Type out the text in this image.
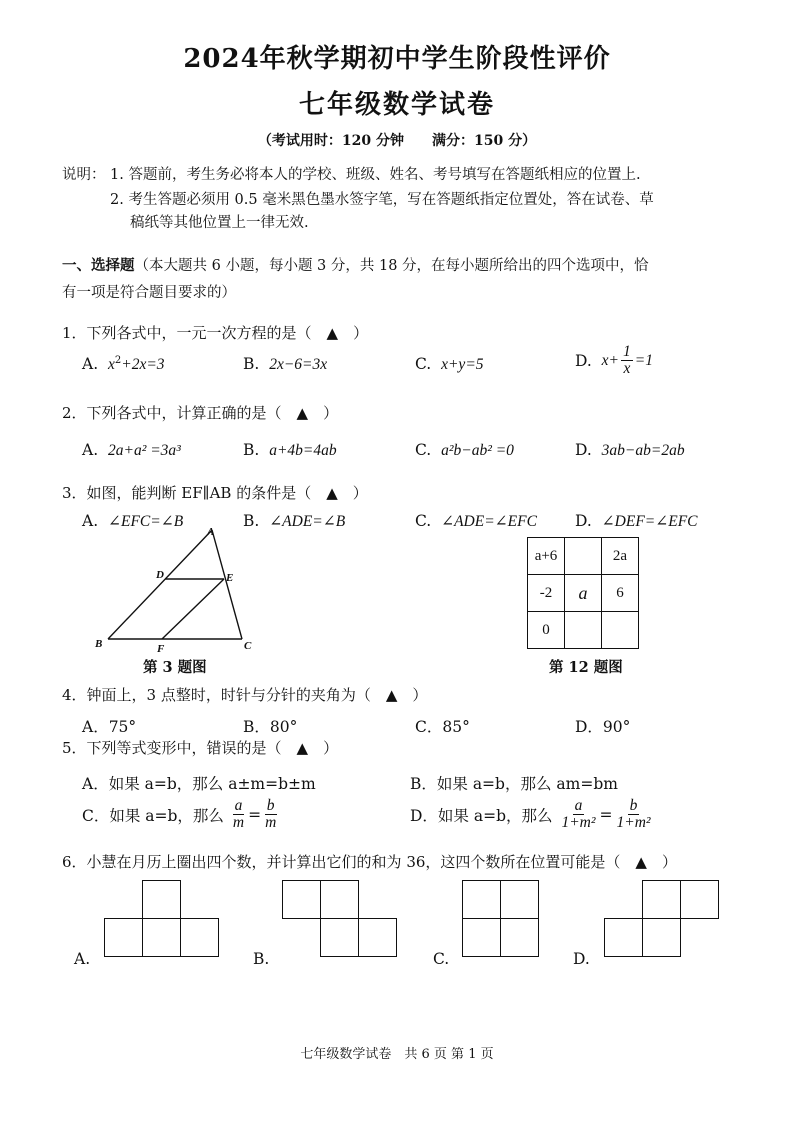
2024年秋学期初中学生阶段性评价
七年级数学试卷
（考试用时：120 分钟　　满分：150 分）
说明： 1. 答题前，考生务必将本人的学校、班级、姓名、考号填写在答题纸相应的位置上.
2. 考生答题必须用 0.5 毫米黑色墨水签字笔，写在答题纸指定位置处，答在试卷、草
稿纸等其他位置上一律无效.
一、选择题（本大题共 6 小题，每小题 3 分，共 18 分，在每小题所给出的四个选项中，恰
有一项是符合题目要求的）
1．下列各式中，一元一次方程的是（　▲　）
A. $x^2+2x=3$	B. 2x−6=3x	C. x+y=5	D. $x+ \frac{1}{x} =1$
2．下列各式中，计算正确的是（　▲　）
A. 2a+a² =3a³	B. a+4b=4ab	C. a²b−ab² =0	D. 3ab−ab=2ab
3．如图，能判断 EF∥AB 的条件是（　▲　）
A. ∠EFC=∠B	B. ∠ADE=∠B	C. ∠ADE=∠EFC D. ∠DEF=∠EFC
A
B	C
D	E
F
第 3 题图
a+6		2a
-2	a	6
0		
第 12 题图
4．钟面上，3 点整时，时针与分针的夹角为（　▲　）
A．75°	B．80°	C．85°	D．90°
5．下列等式变形中，错误的是（　▲　）
A．如果 a=b，那么 a±m=b±m	B．如果 a=b，那么 am=bm
C．如果 a=b，那么 $\frac{a}{m} = \frac{b}{m}$	D．如果 a=b，那么 $\frac{a}{\text{1+m²}} = \frac{b}{\text{1+m²}}$
6．小慧在月历上圈出四个数，并计算出它们的和为 36，这四个数所在位置可能是（　▲　）
A.	B.	C.	D.
七年级数学试卷　共 6 页 第 1 页
